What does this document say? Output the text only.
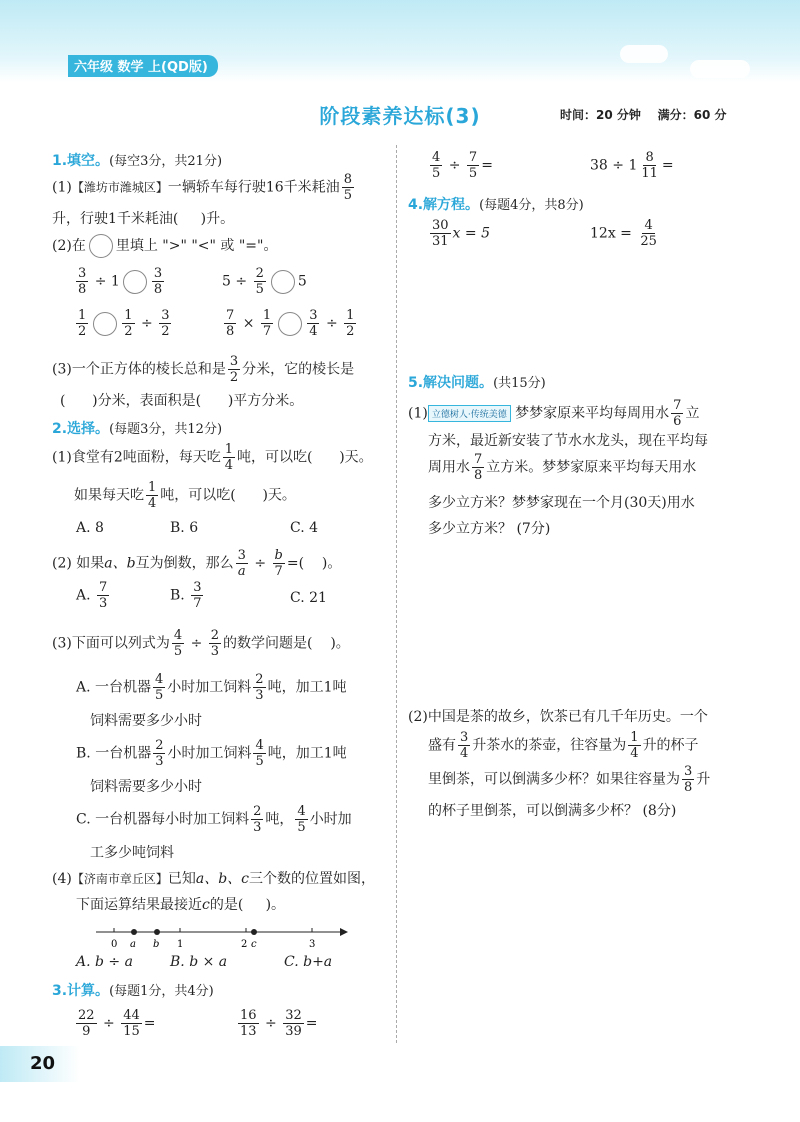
六年级 数学 上(QD版)
阶段素养达标(3)	时间：20 分钟 满分：60 分
1.填空。(每空3分，共21分)
(1)【潍坊市潍城区】一辆轿车每行驶16千米耗油 $\frac{8}{5}$
升，行驶1千米耗油( )升。
(2)在 里填上 ">" "<" 或 "="。
$\frac{3}{8} \div 1 \frac{3}{8}$	$5 \div \frac{2}{5} 5$
$\frac{1}{2}$	$\frac{1}{2} \div \frac{3}{2}$	$\frac{7}{8} \times \frac{1}{7}$	$\frac{3}{4} \div \frac{1}{2}$
(3)一个正方体的棱长总和是 $\frac{3}{2}$ 分米，它的棱长是
( )分米，表面积是( )平方分米。
2.选择。(每题3分，共12分)
(1)食堂有2吨面粉，每天吃 $\frac{1}{4}$ 吨，可以吃( )天。
如果每天吃 $\frac{1}{4}$ 吨，可以吃( )天。
A. 8	B. 6	C. 4
(2) 如果a、b互为倒数，那么 $\frac{3}{a} \div \frac{b}{7}$ =( )。
A. $\frac{7}{3}$	B. $\frac{3}{7}$	C. 21
(3)下面可以列式为 $\frac{4}{5} \div \frac{2}{3}$ 的数学问题是( )。
A. 一台机器 $\frac{4}{5}$ 小时加工饲料 $\frac{2}{3}$ 吨，加工1吨
饲料需要多少小时
B. 一台机器 $\frac{2}{3}$ 小时加工饲料 $\frac{4}{5}$ 吨，加工1吨
饲料需要多少小时
C. 一台机器每小时加工饲料 $\frac{2}{3}$ 吨， $\frac{4}{5}$ 小时加
工多少吨饲料
(4)【济南市章丘区】已知a、b、c三个数的位置如图，
下面运算结果最接近c的是( )。
0 a b 1	2 c	3
A. b ÷ a	B. b × a	C. b+a
3.计算。(每题1分，共4分)
$\frac{22}{9} \div \frac{44}{15}$ =	$\frac{16}{13} \div \frac{32}{39}$ =
$\frac{4}{5} \div \frac{7}{5}$ =	$38 \div 1 \frac{8}{11}$ =
4.解方程。(每题4分，共8分)
$\frac{30}{31}$ x = 5	$12x = \frac{4}{25}$
5.解决问题。(共15分)
(1) 立德树人·传统美德 梦梦家原来平均每周用水 $\frac{7}{6}$ 立
方米，最近新安装了节水水龙头，现在平均每
周用水 $\frac{7}{8}$ 立方米。梦梦家原来平均每天用水
多少立方米？梦梦家现在一个月(30天)用水
多少立方米？ (7分)
(2)中国是茶的故乡，饮茶已有几千年历史。一个
盛有 $\frac{3}{4}$ 升茶水的茶壶，往容量为 $\frac{1}{4}$ 升的杯子
里倒茶，可以倒满多少杯？如果往容量为 $\frac{3}{8}$ 升
的杯子里倒茶，可以倒满多少杯？ (8分)
20
